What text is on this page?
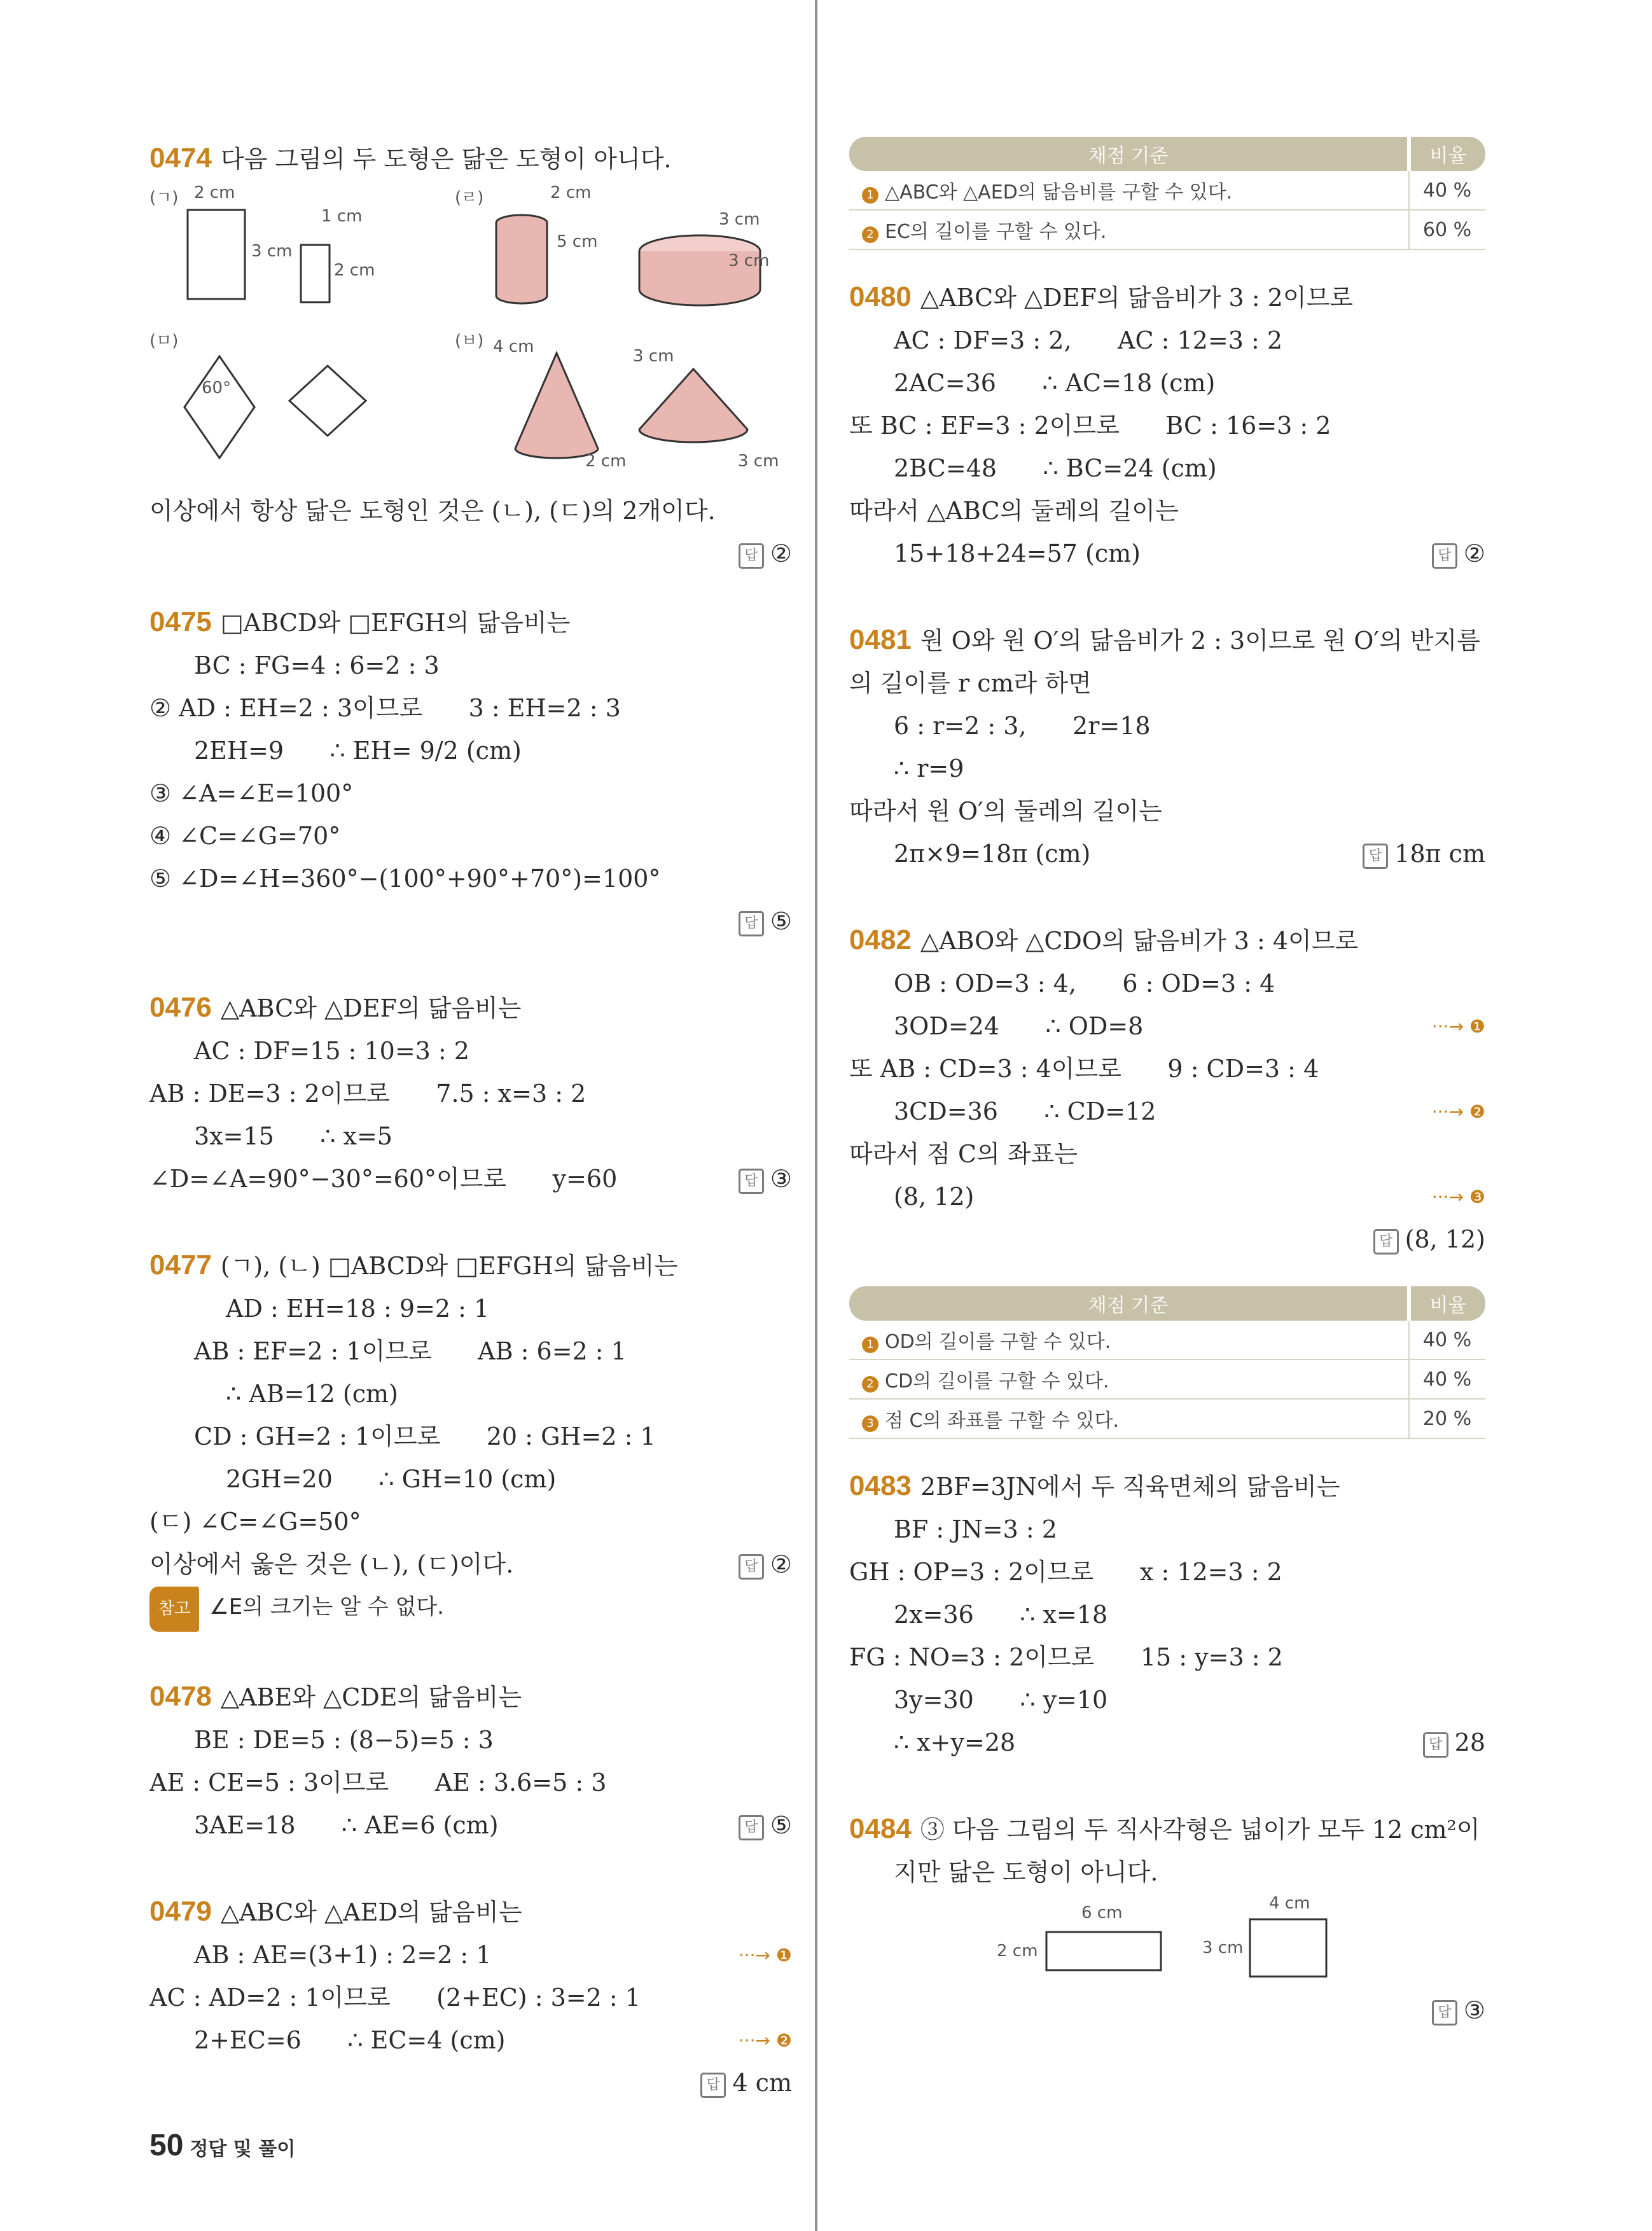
0474 다음 그림의 두 도형은 닮은 도형이 아니다.
(ㄱ) 2 cm
3 cm
1 cm
2 cm
(ㄹ)	2 cm
5 cm
3 cm
3 cm
(ㅁ)
60°
(ㅂ) 4 cm
2 cm
3 cm
3 cm
이상에서 항상 닮은 도형인 것은 (ㄴ), (ㄷ)의 2개이다.
답 ②
0475 □ABCD와 □EFGH의 닮음비는
BC : FG=4 : 6=2 : 3
② AD : EH=2 : 3이므로      3 : EH=2 : 3
2EH=9      ∴ EH= 9/2 (cm)
③ ∠A=∠E=100°
④ ∠C=∠G=70°
⑤ ∠D=∠H=360°−(100°+90°+70°)=100°
답 ⑤
0476 △ABC와 △DEF의 닮음비는
AC : DF=15 : 10=3 : 2
AB : DE=3 : 2이므로      7.5 : x=3 : 2
3x=15      ∴ x=5
∠D=∠A=90°−30°=60°이므로      y=60	답 ③
0477 (ㄱ), (ㄴ) □ABCD와 □EFGH의 닮음비는
AD : EH=18 : 9=2 : 1
AB : EF=2 : 1이므로      AB : 6=2 : 1
∴ AB=12 (cm)
CD : GH=2 : 1이므로      20 : GH=2 : 1
2GH=20      ∴ GH=10 (cm)
(ㄷ) ∠C=∠G=50°
이상에서 옳은 것은 (ㄴ), (ㄷ)이다.	답 ②
참고 ∠E의 크기는 알 수 없다.
0478 △ABE와 △CDE의 닮음비는
BE : DE=5 : (8−5)=5 : 3
AE : CE=5 : 3이므로      AE : 3.6=5 : 3
3AE=18      ∴ AE=6 (cm)	답 ⑤
0479 △ABC와 △AED의 닮음비는
AB : AE=(3+1) : 2=2 : 1	···→ ❶
AC : AD=2 : 1이므로      (2+EC) : 3=2 : 1
2+EC=6      ∴ EC=4 (cm)	···→ ❷
답 4 cm
채점 기준	비율
1 △ABC와 △AED의 닮음비를 구할 수 있다.	40 %
2 EC의 길이를 구할 수 있다.	60 %
0480 △ABC와 △DEF의 닮음비가 3 : 2이므로
AC : DF=3 : 2,      AC : 12=3 : 2
2AC=36      ∴ AC=18 (cm)
또 BC : EF=3 : 2이므로      BC : 16=3 : 2
2BC=48      ∴ BC=24 (cm)
따라서 △ABC의 둘레의 길이는
15+18+24=57 (cm)	답 ②
0481 원 O와 원 O′의 닮음비가 2 : 3이므로 원 O′의 반지름
의 길이를 r cm라 하면
6 : r=2 : 3,      2r=18
∴ r=9
따라서 원 O′의 둘레의 길이는
2π×9=18π (cm)	답 18π cm
0482 △ABO와 △CDO의 닮음비가 3 : 4이므로
OB : OD=3 : 4,      6 : OD=3 : 4
3OD=24      ∴ OD=8	···→ ❶
또 AB : CD=3 : 4이므로      9 : CD=3 : 4
3CD=36      ∴ CD=12	···→ ❷
따라서 점 C의 좌표는
(8, 12)	···→ ❸
답 (8, 12)
채점 기준	비율
1 OD의 길이를 구할 수 있다.	40 %
2 CD의 길이를 구할 수 있다.	40 %
3 점 C의 좌표를 구할 수 있다.	20 %
0483 2BF=3JN에서 두 직육면체의 닮음비는
BF : JN=3 : 2
GH : OP=3 : 2이므로      x : 12=3 : 2
2x=36      ∴ x=18
FG : NO=3 : 2이므로      15 : y=3 : 2
3y=30      ∴ y=10
∴ x+y=28	답 28
0484 ③ 다음 그림의 두 직사각형은 넓이가 모두 12 cm²이
지만 닮은 도형이 아니다.
6 cm
2 cm
4 cm
3 cm
답 ③
50 정답 및 풀이
